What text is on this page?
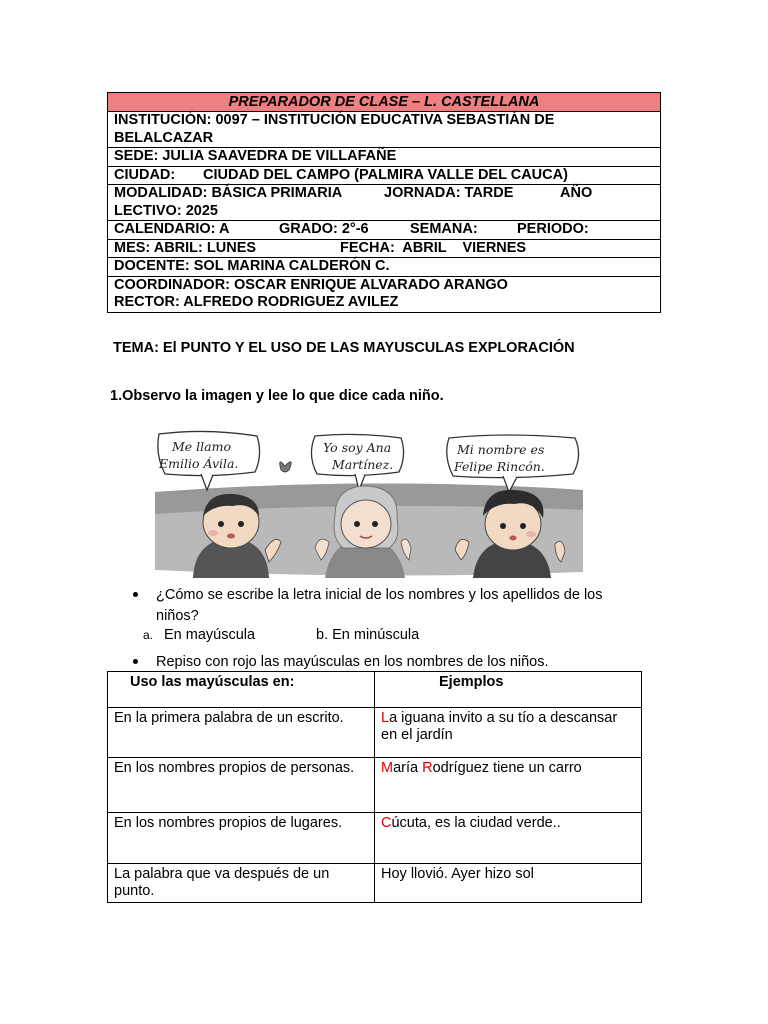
PREPARADOR DE CLASE – L. CASTELLANA
INSTITUCIÓN: 0097 – INSTITUCIÓN EDUCATIVA SEBASTIÁN DE BELALCAZAR
SEDE: JULIA SAAVEDRA DE VILLAFAÑE
CIUDAD:	CIUDAD DEL CAMPO (PALMIRA VALLE DEL CAUCA)
MODALIDAD: BÁSICA PRIMARIA	JORNADA: TARDE	AÑO
LECTIVO: 2025
CALENDARIO: A	GRADO: 2°-6	SEMANA:	PERIODO:
MES: ABRIL: LUNES	FECHA:  ABRIL    VIERNES
DOCENTE: SOL MARINA CALDERÓN C.
COORDINADOR: OSCAR ENRIQUE ALVARADO ARANGO
RECTOR: ALFREDO RODRIGUEZ AVILEZ
TEMA: El PUNTO Y EL USO DE LAS MAYUSCULAS EXPLORACIÓN
1.Observo la imagen y lee lo que dice cada niño.
Me llamo
Emilio Ávila.
Yo soy Ana
Martínez.
Mi nombre es
Felipe Rincón.
¿Cómo se escribe la letra inicial de los nombres y los apellidos de los niños?
a. En mayúscula	b. En minúscula
Repiso con rojo las mayúsculas en los nombres de los niños.
Uso las mayúsculas en:	Ejemplos

En la primera palabra de un escrito.	La iguana invito a su tío a descansar en el jardín

En los nombres propios de personas.	María Rodríguez tiene un carro

En los nombres propios de lugares.	Cúcuta, es la ciudad verde..

La palabra que va después de un punto.	Hoy llovió. Ayer hizo sol
